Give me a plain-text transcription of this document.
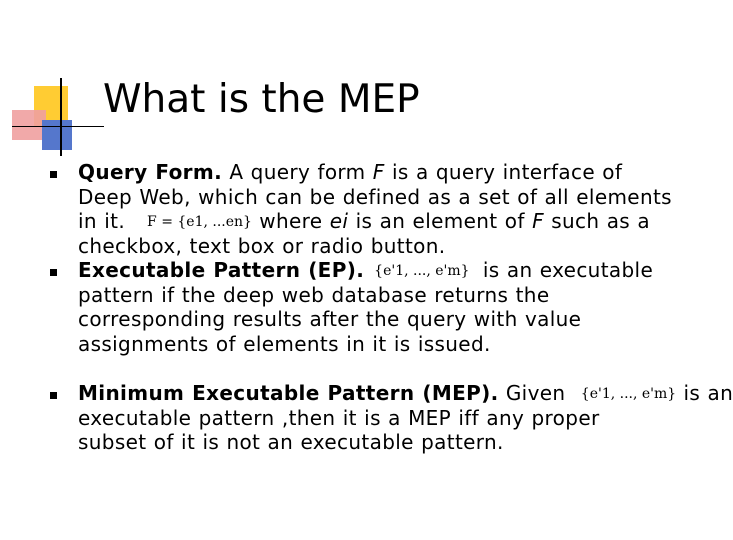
What is the MEP
Query Form. A query form F is a query interface of
Deep Web, which can be defined as a set of all elements
in it. F = {e1, ...en} where ei is an element of F such as a
checkbox, text box or radio button.
Executable Pattern (EP). {e'1, ..., e'm} is an executable
pattern if the deep web database returns the
corresponding results after the query with value
assignments of elements in it is issued.
Minimum Executable Pattern (MEP). Given {e'1, ..., e'm} is an
executable pattern ,then it is a MEP iff any proper
subset of it is not an executable pattern.
